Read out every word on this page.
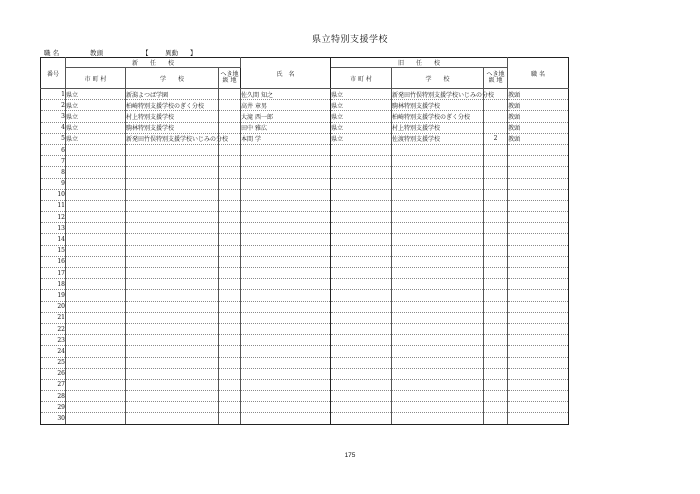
県立特別支援学校
職 名	教頭	【	異動 】
番号	新　　任　　校			氏　名	旧　　任　　校			職 名
	市 町 村	学　　校	へき地
級 地		市 町 村	学　　校	へき地
級 地	
1	県立	新潟よつば学園		佐久間 知之	県立	新発田竹俣特別支援学校いじみの分校		教頭
2	県立	柏崎特別支援学校のぎく分校		高井 章男	県立	駒林特別支援学校		教頭
3	県立	村上特別支援学校		大滝 西一郎	県立	柏崎特別支援学校のぎく分校		教頭
4	県立	駒林特別支援学校		田中 雅広	県立	村上特別支援学校		教頭
5	県立	新発田竹俣特別支援学校いじみの分校		本間 学	県立	佐渡特別支援学校	2	教頭
6								
7								
8								
9								
10								
11								
12								
13								
14								
15								
16								
17								
18								
19								
20								
21								
22								
23								
24								
25								
26								
27								
28								
29								
30								
175
